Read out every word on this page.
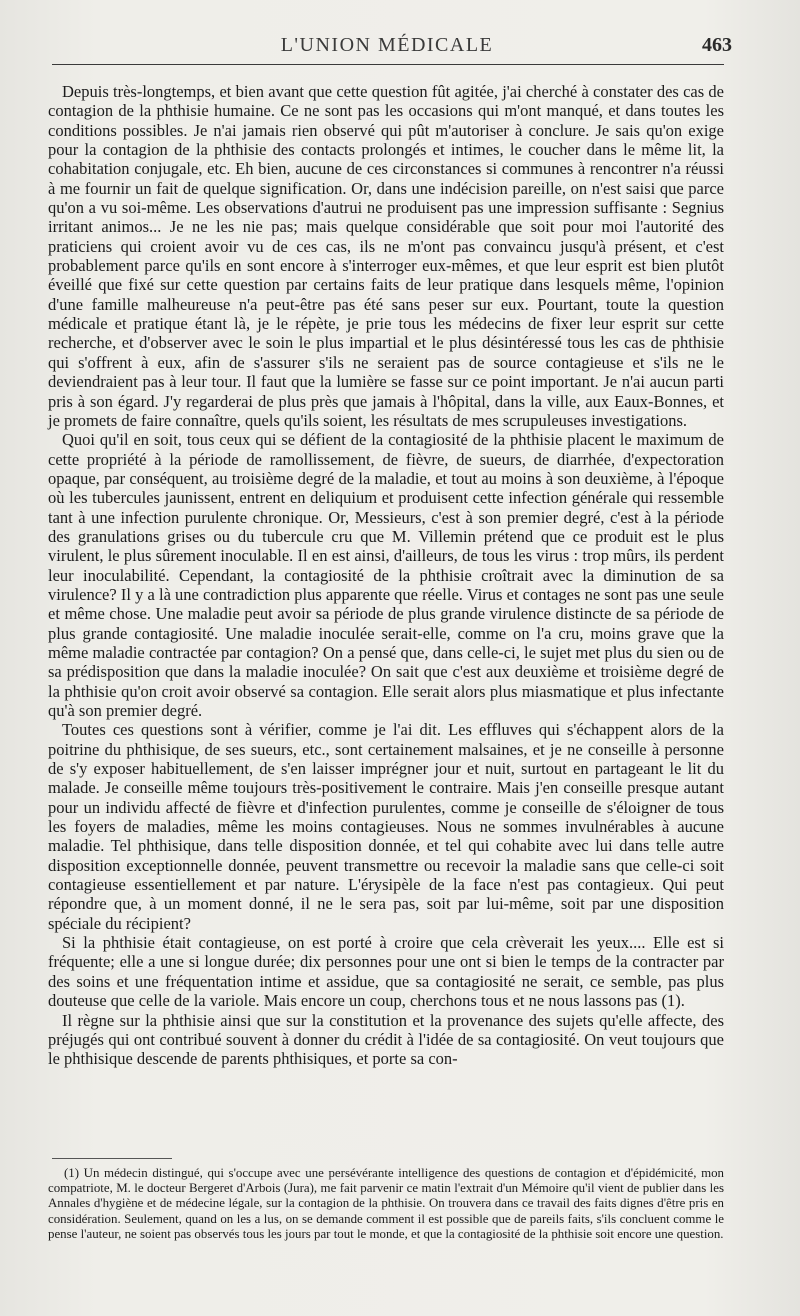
L'UNION MÉDICALE	463

Depuis très-longtemps, et bien avant que cette question fût agitée, j'ai cherché à constater des cas de contagion de la phthisie humaine. Ce ne sont pas les occasions qui m'ont manqué, et dans toutes les conditions possibles. Je n'ai jamais rien observé qui pût m'autoriser à conclure. Je sais qu'on exige pour la contagion de la phthisie des contacts prolongés et intimes, le coucher dans le même lit, la cohabitation conjugale, etc. Eh bien, aucune de ces circonstances si communes à rencontrer n'a réussi à me fournir un fait de quelque signification. Or, dans une indécision pareille, on n'est saisi que parce qu'on a vu soi-même. Les observations d'autrui ne produisent pas une impression suffisante : Segnius irritant animos... Je ne les nie pas; mais quelque considérable que soit pour moi l'autorité des praticiens qui croient avoir vu de ces cas, ils ne m'ont pas convaincu jusqu'à présent, et c'est probablement parce qu'ils en sont encore à s'interroger eux-mêmes, et que leur esprit est bien plutôt éveillé que fixé sur cette question par certains faits de leur pratique dans lesquels même, l'opinion d'une famille malheureuse n'a peut-être pas été sans peser sur eux. Pourtant, toute la question médicale et pratique étant là, je le répète, je prie tous les médecins de fixer leur esprit sur cette recherche, et d'observer avec le soin le plus impartial et le plus désintéressé tous les cas de phthisie qui s'offrent à eux, afin de s'assurer s'ils ne seraient pas de source contagieuse et s'ils ne le deviendraient pas à leur tour. Il faut que la lumière se fasse sur ce point important. Je n'ai aucun parti pris à son égard. J'y regarderai de plus près que jamais à l'hôpital, dans la ville, aux Eaux-Bonnes, et je promets de faire connaître, quels qu'ils soient, les résultats de mes scrupuleuses investigations.

Quoi qu'il en soit, tous ceux qui se défient de la contagiosité de la phthisie placent le maximum de cette propriété à la période de ramollissement, de fièvre, de sueurs, de diarrhée, d'expectoration opaque, par conséquent, au troisième degré de la maladie, et tout au moins à son deuxième, à l'époque où les tubercules jaunissent, entrent en deliquium et produisent cette infection générale qui ressemble tant à une infection purulente chronique. Or, Messieurs, c'est à son premier degré, c'est à la période des granulations grises ou du tubercule cru que M. Villemin prétend que ce produit est le plus virulent, le plus sûrement inoculable. Il en est ainsi, d'ailleurs, de tous les virus : trop mûrs, ils perdent leur inoculabilité. Cependant, la contagiosité de la phthisie croîtrait avec la diminution de sa virulence? Il y a là une contradiction plus apparente que réelle. Virus et contages ne sont pas une seule et même chose. Une maladie peut avoir sa période de plus grande virulence distincte de sa période de plus grande contagiosité. Une maladie inoculée serait-elle, comme on l'a cru, moins grave que la même maladie contractée par contagion? On a pensé que, dans celle-ci, le sujet met plus du sien ou de sa prédisposition que dans la maladie inoculée? On sait que c'est aux deuxième et troisième degré de la phthisie qu'on croit avoir observé sa contagion. Elle serait alors plus miasmatique et plus infectante qu'à son premier degré.

Toutes ces questions sont à vérifier, comme je l'ai dit. Les effluves qui s'échappent alors de la poitrine du phthisique, de ses sueurs, etc., sont certainement malsaines, et je ne conseille à personne de s'y exposer habituellement, de s'en laisser imprégner jour et nuit, surtout en partageant le lit du malade. Je conseille même toujours très-positivement le contraire. Mais j'en conseille presque autant pour un individu affecté de fièvre et d'infection purulentes, comme je conseille de s'éloigner de tous les foyers de maladies, même les moins contagieuses. Nous ne sommes invulnérables à aucune maladie. Tel phthisique, dans telle disposition donnée, et tel qui cohabite avec lui dans telle autre disposition exceptionnelle donnée, peuvent transmettre ou recevoir la maladie sans que celle-ci soit contagieuse essentiellement et par nature. L'érysipèle de la face n'est pas contagieux. Qui peut répondre que, à un moment donné, il ne le sera pas, soit par lui-même, soit par une disposition spéciale du récipient?

Si la phthisie était contagieuse, on est porté à croire que cela crèverait les yeux.... Elle est si fréquente; elle a une si longue durée; dix personnes pour une ont si bien le temps de la contracter par des soins et une fréquentation intime et assidue, que sa contagiosité ne serait, ce semble, pas plus douteuse que celle de la variole. Mais encore un coup, cherchons tous et ne nous lassons pas (1).

Il règne sur la phthisie ainsi que sur la constitution et la provenance des sujets qu'elle affecte, des préjugés qui ont contribué souvent à donner du crédit à l'idée de sa contagiosité. On veut toujours que le phthisique descende de parents phthisiques, et porte sa con-

(1) Un médecin distingué, qui s'occupe avec une persévérante intelligence des questions de contagion et d'épidémicité, mon compatriote, M. le docteur Bergeret d'Arbois (Jura), me fait parvenir ce matin l'extrait d'un Mémoire qu'il vient de publier dans les Annales d'hygiène et de médecine légale, sur la contagion de la phthisie. On trouvera dans ce travail des faits dignes d'être pris en considération. Seulement, quand on les a lus, on se demande comment il est possible que de pareils faits, s'ils concluent comme le pense l'auteur, ne soient pas observés tous les jours par tout le monde, et que la contagiosité de la phthisie soit encore une question.
